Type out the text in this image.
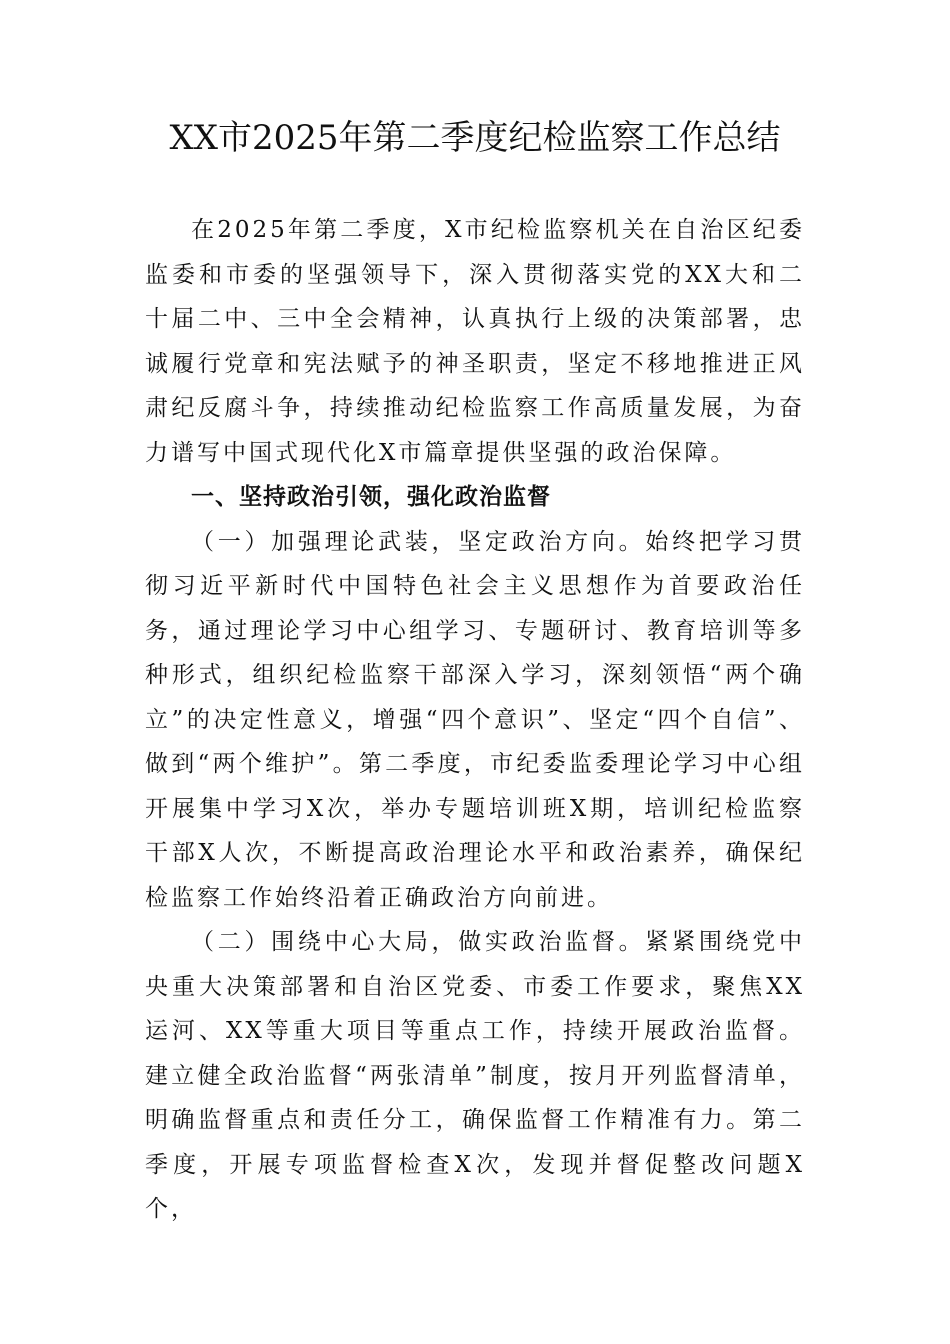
XX市2025年第二季度纪检监察工作总结

在2025年第二季度，X市纪检监察机关在自治区纪委监委和市委的坚强领导下，深入贯彻落实党的XX大和二十届二中、三中全会精神，认真执行上级的决策部署，忠诚履行党章和宪法赋予的神圣职责，坚定不移地推进正风肃纪反腐斗争，持续推动纪检监察工作高质量发展，为奋力谱写中国式现代化X市篇章提供坚强的政治保障。

一、坚持政治引领，强化政治监督

（一）加强理论武装，坚定政治方向。始终把学习贯彻习近平新时代中国特色社会主义思想作为首要政治任务，通过理论学习中心组学习、专题研讨、教育培训等多种形式，组织纪检监察干部深入学习，深刻领悟“两个确立”的决定性意义，增强“四个意识”、坚定“四个自信”、做到“两个维护”。第二季度，市纪委监委理论学习中心组开展集中学习X次，举办专题培训班X期，培训纪检监察干部X人次，不断提高政治理论水平和政治素养，确保纪检监察工作始终沿着正确政治方向前进。

（二）围绕中心大局，做实政治监督。紧紧围绕党中央重大决策部署和自治区党委、市委工作要求，聚焦XX运河、XX等重大项目等重点工作，持续开展政治监督。建立健全政治监督“两张清单”制度，按月开列监督清单，明确监督重点和责任分工，确保监督工作精准有力。第二季度，开展专项监督检查X次，发现并督促整改问题X个，
